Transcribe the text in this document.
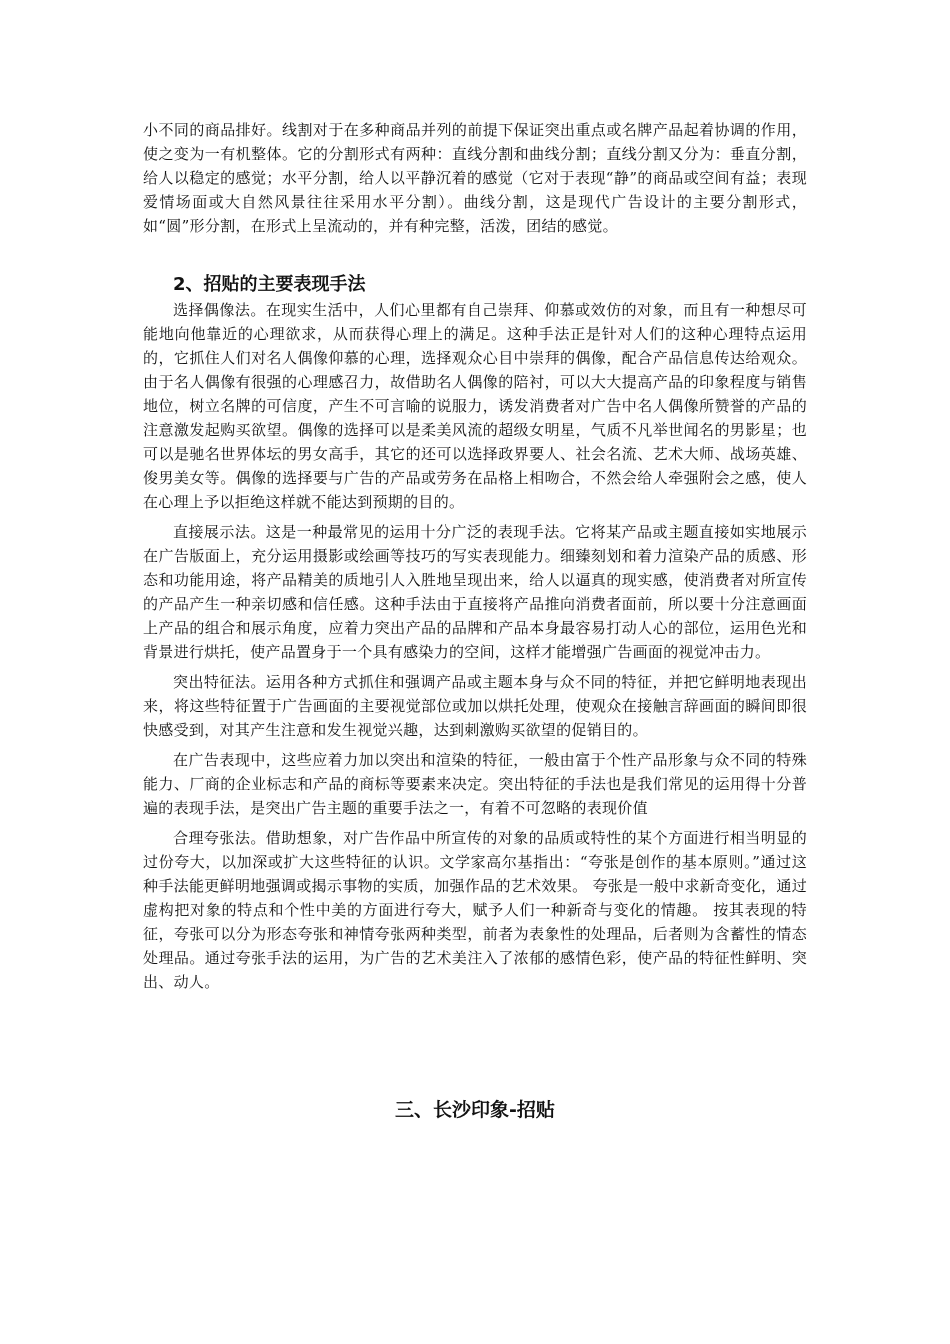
小不同的商品排好。线割对于在多种商品并列的前提下保证突出重点或名牌产品起着协调的作用，使之变为一有机整体。它的分割形式有两种：直线分割和曲线分割；直线分割又分为：垂直分割，给人以稳定的感觉；水平分割，给人以平静沉着的感觉（它对于表现“静”的商品或空间有益；表现爱情场面或大自然风景往往采用水平分割）。曲线分割，这是现代广告设计的主要分割形式，如“圆”形分割，在形式上呈流动的，并有种完整，活泼，团结的感觉。

2、招贴的主要表现手法

选择偶像法。在现实生活中，人们心里都有自己崇拜、仰慕或效仿的对象，而且有一种想尽可能地向他靠近的心理欲求，从而获得心理上的满足。这种手法正是针对人们的这种心理特点运用的，它抓住人们对名人偶像仰慕的心理，选择观众心目中崇拜的偶像，配合产品信息传达给观众。由于名人偶像有很强的心理感召力，故借助名人偶像的陪衬，可以大大提高产品的印象程度与销售地位，树立名牌的可信度，产生不可言喻的说服力，诱发消费者对广告中名人偶像所赞誉的产品的注意激发起购买欲望。偶像的选择可以是柔美风流的超级女明星，气质不凡举世闻名的男影星；也可以是驰名世界体坛的男女高手，其它的还可以选择政界要人、社会名流、艺术大师、战场英雄、俊男美女等。偶像的选择要与广告的产品或劳务在品格上相吻合，不然会给人牵强附会之感，使人在心理上予以拒绝这样就不能达到预期的目的。

直接展示法。这是一种最常见的运用十分广泛的表现手法。它将某产品或主题直接如实地展示在广告版面上，充分运用摄影或绘画等技巧的写实表现能力。细臻刻划和着力渲染产品的质感、形态和功能用途，将产品精美的质地引人入胜地呈现出来，给人以逼真的现实感，使消费者对所宣传的产品产生一种亲切感和信任感。这种手法由于直接将产品推向消费者面前，所以要十分注意画面上产品的组合和展示角度，应着力突出产品的品牌和产品本身最容易打动人心的部位，运用色光和背景进行烘托，使产品置身于一个具有感染力的空间，这样才能增强广告画面的视觉冲击力。

突出特征法。运用各种方式抓住和强调产品或主题本身与众不同的特征，并把它鲜明地表现出来，将这些特征置于广告画面的主要视觉部位或加以烘托处理，使观众在接触言辞画面的瞬间即很快感受到，对其产生注意和发生视觉兴趣，达到刺激购买欲望的促销目的。

在广告表现中，这些应着力加以突出和渲染的特征，一般由富于个性产品形象与众不同的特殊能力、厂商的企业标志和产品的商标等要素来决定。突出特征的手法也是我们常见的运用得十分普遍的表现手法，是突出广告主题的重要手法之一，有着不可忽略的表现价值

合理夸张法。借助想象，对广告作品中所宣传的对象的品质或特性的某个方面进行相当明显的过份夸大，以加深或扩大这些特征的认识。文学家高尔基指出：“夸张是创作的基本原则。”通过这种手法能更鲜明地强调或揭示事物的实质，加强作品的艺术效果。 夸张是一般中求新奇变化，通过虚构把对象的特点和个性中美的方面进行夸大，赋予人们一种新奇与变化的情趣。 按其表现的特征，夸张可以分为形态夸张和神情夸张两种类型，前者为表象性的处理品，后者则为含蓄性的情态处理品。通过夸张手法的运用，为广告的艺术美注入了浓郁的感情色彩，使产品的特征性鲜明、突出、动人。

三、长沙印象-招贴
